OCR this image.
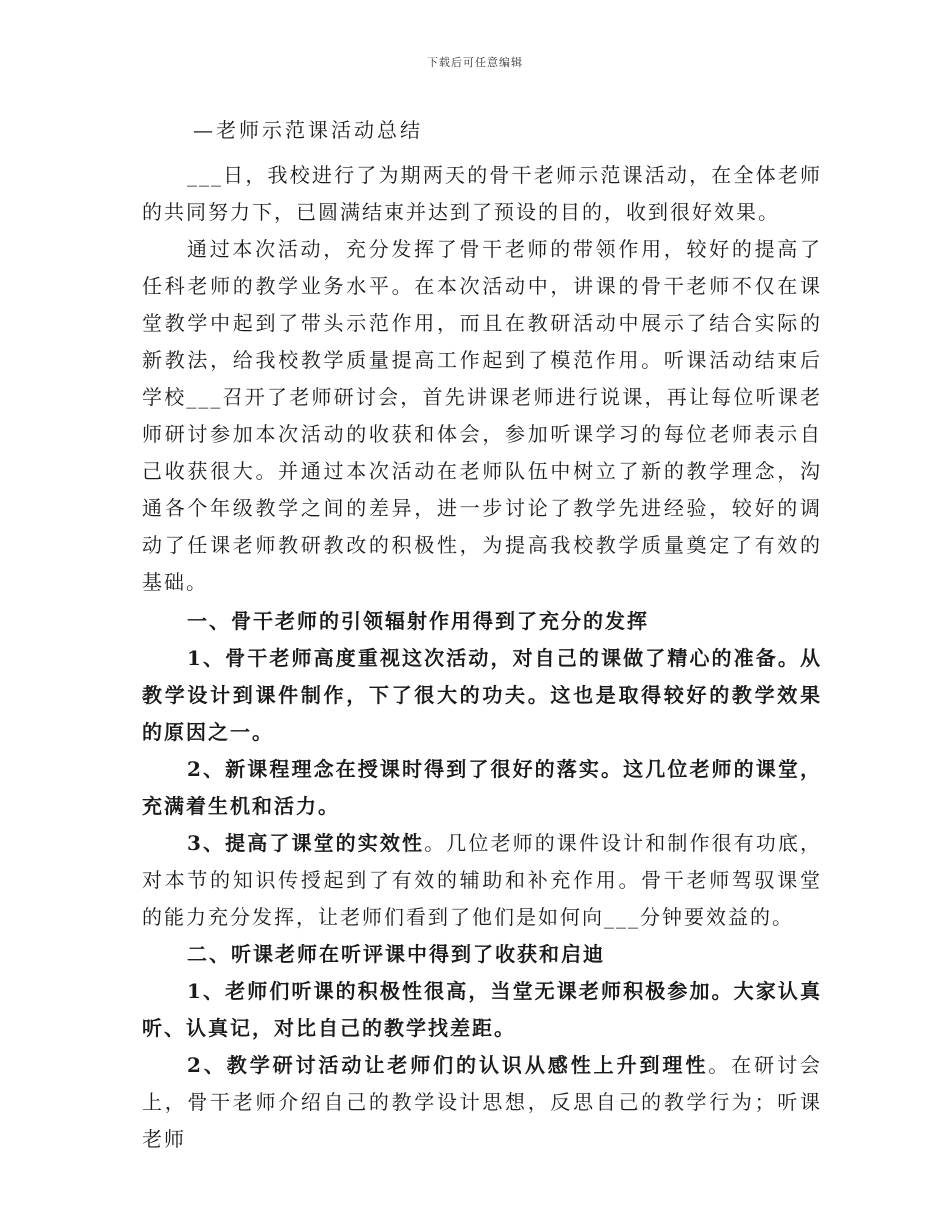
下载后可任意编辑
—老师示范课活动总结

___日，我校进行了为期两天的骨干老师示范课活动，在全体老师的共同努力下，已圆满结束并达到了预设的目的，收到很好效果。

通过本次活动，充分发挥了骨干老师的带领作用，较好的提高了任科老师的教学业务水平。在本次活动中，讲课的骨干老师不仅在课堂教学中起到了带头示范作用，而且在教研活动中展示了结合实际的新教法，给我校教学质量提高工作起到了模范作用。听课活动结束后学校___召开了老师研讨会，首先讲课老师进行说课，再让每位听课老师研讨参加本次活动的收获和体会，参加听课学习的每位老师表示自己收获很大。并通过本次活动在老师队伍中树立了新的教学理念，沟通各个年级教学之间的差异，进一步讨论了教学先进经验，较好的调动了任课老师教研教改的积极性，为提高我校教学质量奠定了有效的基础。

一、骨干老师的引领辐射作用得到了充分的发挥

1、骨干老师高度重视这次活动，对自己的课做了精心的准备。从教学设计到课件制作，下了很大的功夫。这也是取得较好的教学效果的原因之一。

2、新课程理念在授课时得到了很好的落实。这几位老师的课堂，充满着生机和活力。

3、提高了课堂的实效性。几位老师的课件设计和制作很有功底，对本节的知识传授起到了有效的辅助和补充作用。骨干老师驾驭课堂的能力充分发挥，让老师们看到了他们是如何向___分钟要效益的。

二、听课老师在听评课中得到了收获和启迪

1、老师们听课的积极性很高，当堂无课老师积极参加。大家认真听、认真记，对比自己的教学找差距。

2、教学研讨活动让老师们的认识从感性上升到理性。在研讨会上，骨干老师介绍自己的教学设计思想，反思自己的教学行为；听课老师
